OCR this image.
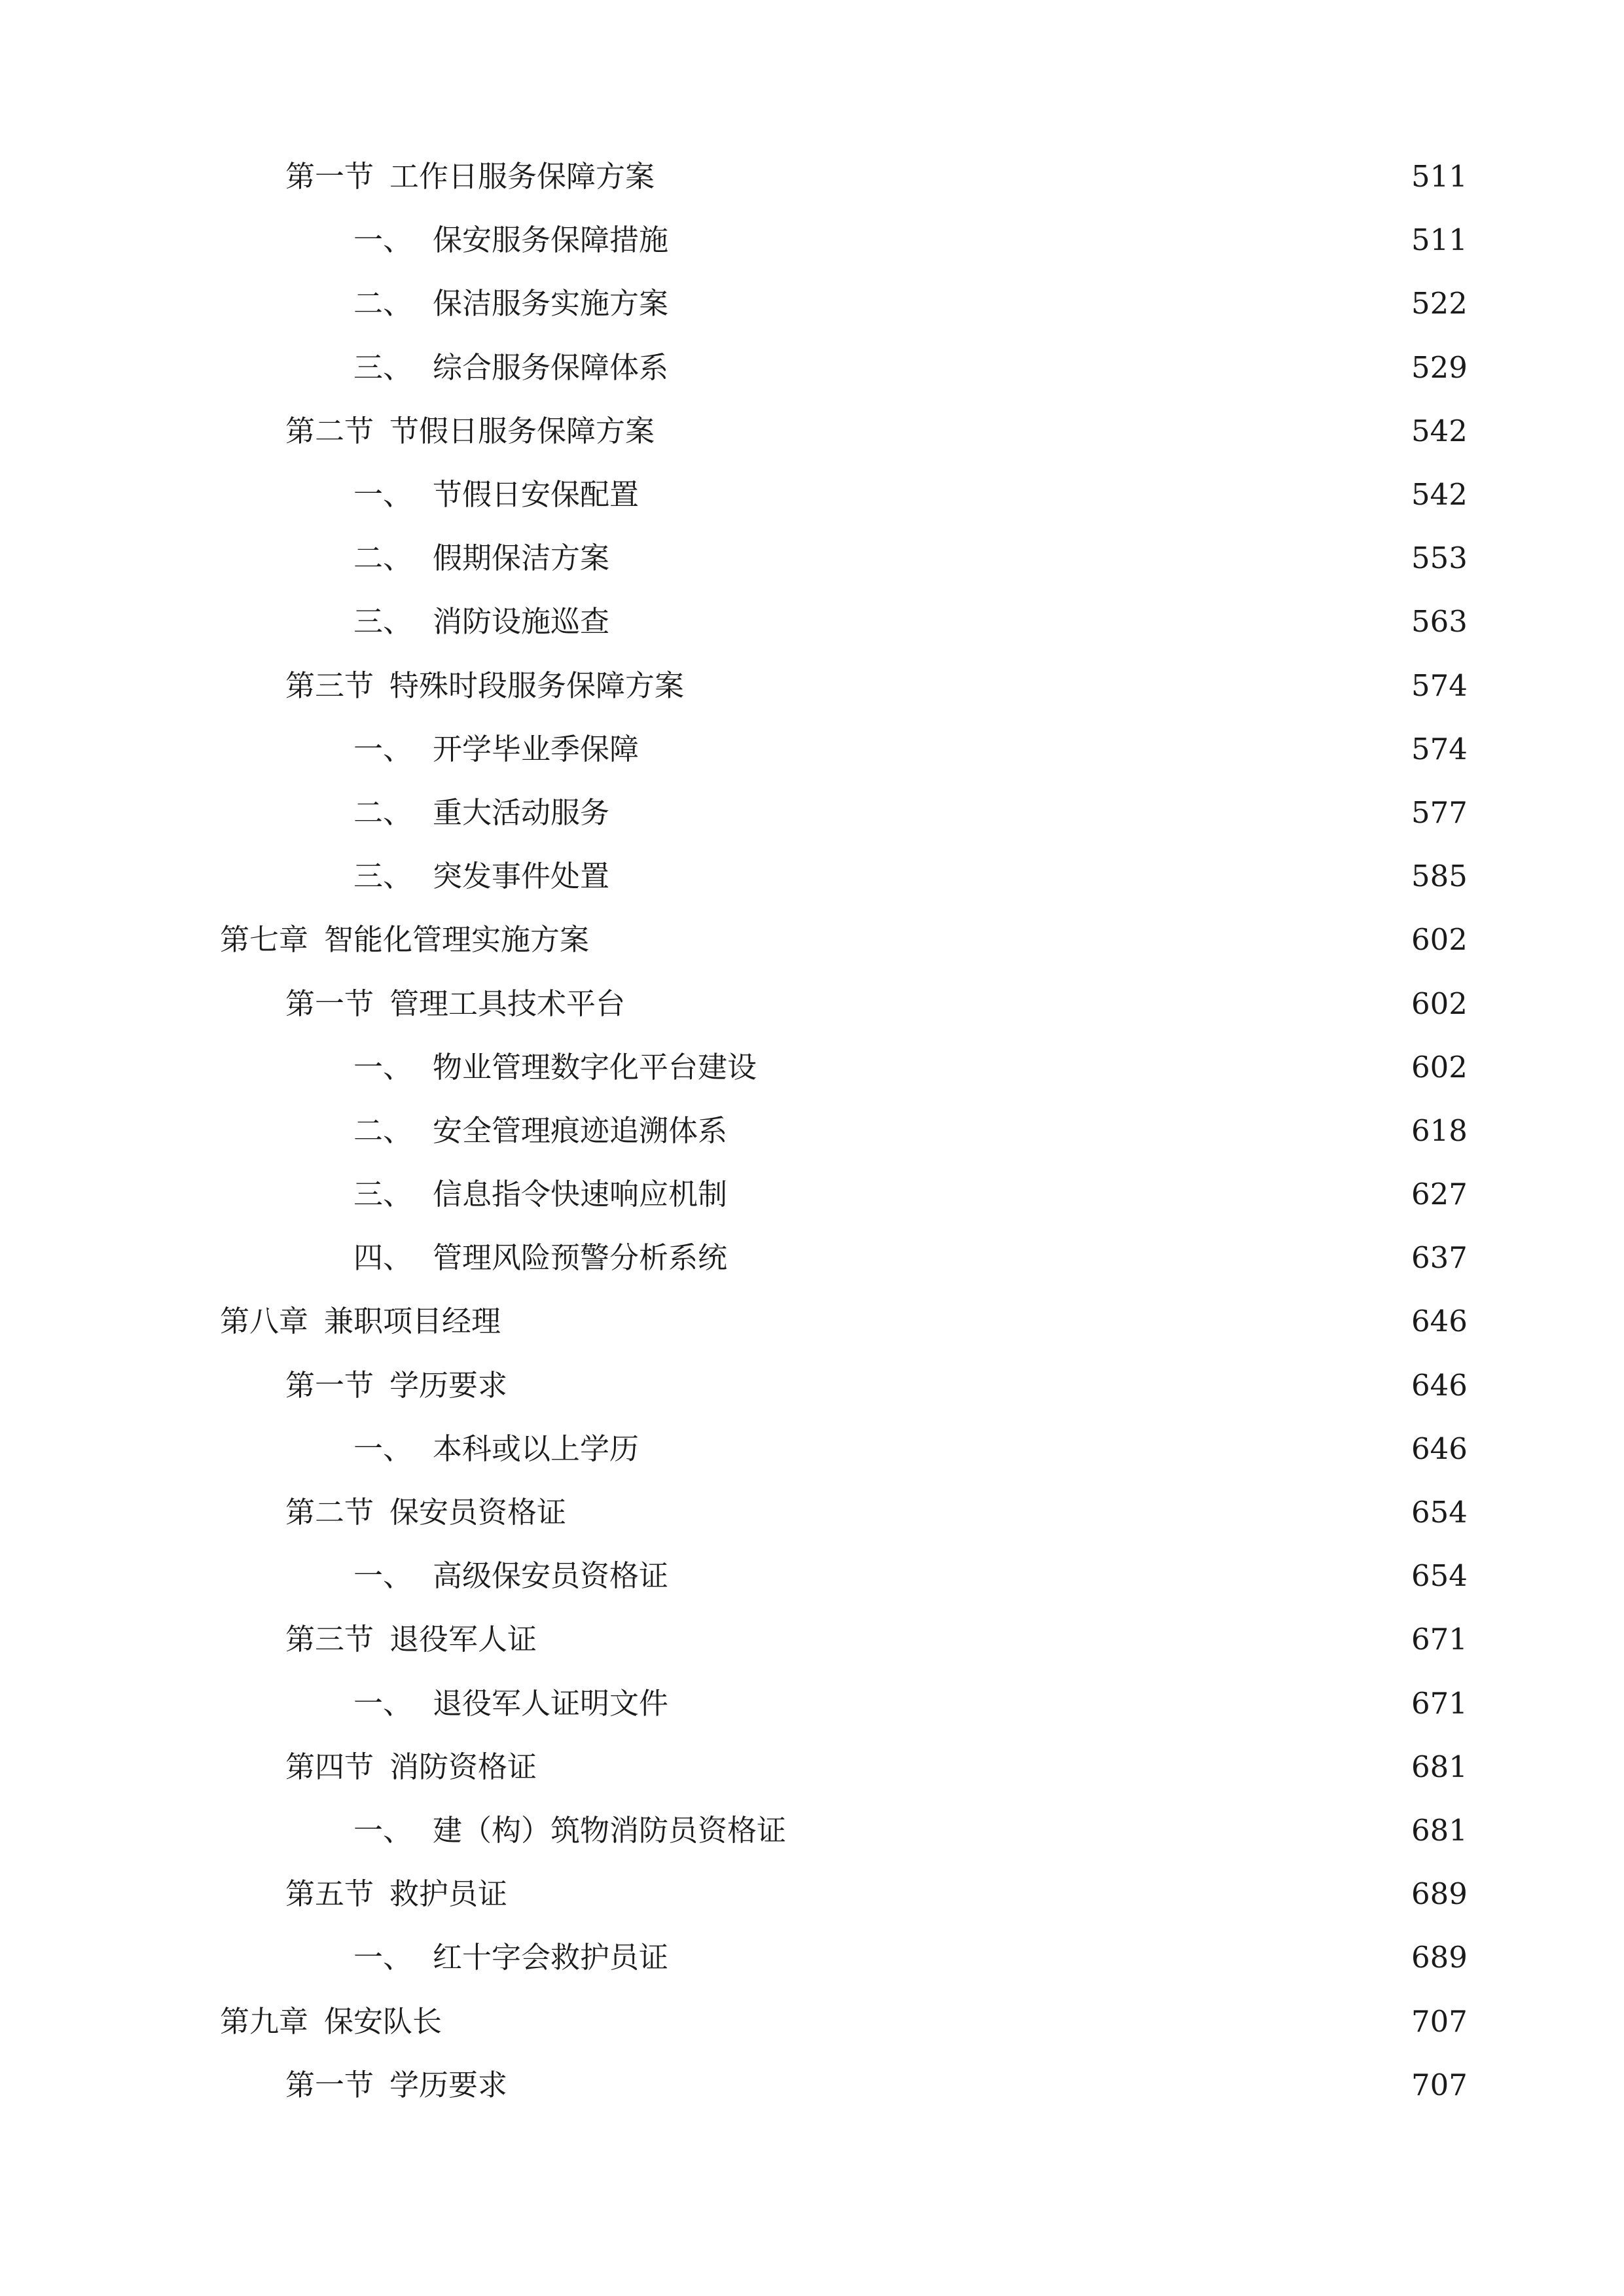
第一节 工作日服务保障方案	511
一、 保安服务保障措施	511
二、 保洁服务实施方案	522
三、 综合服务保障体系	529
第二节 节假日服务保障方案	542
一、 节假日安保配置	542
二、 假期保洁方案	553
三、 消防设施巡查	563
第三节 特殊时段服务保障方案	574
一、 开学毕业季保障	574
二、 重大活动服务	577
三、 突发事件处置	585
第七章 智能化管理实施方案	602
第一节 管理工具技术平台	602
一、 物业管理数字化平台建设	602
二、 安全管理痕迹追溯体系	618
三、 信息指令快速响应机制	627
四、 管理风险预警分析系统	637
第八章 兼职项目经理	646
第一节 学历要求	646
一、 本科或以上学历	646
第二节 保安员资格证	654
一、 高级保安员资格证	654
第三节 退役军人证	671
一、 退役军人证明文件	671
第四节 消防资格证	681
一、 建（构）筑物消防员资格证	681
第五节 救护员证	689
一、 红十字会救护员证	689
第九章 保安队长	707
第一节 学历要求	707
